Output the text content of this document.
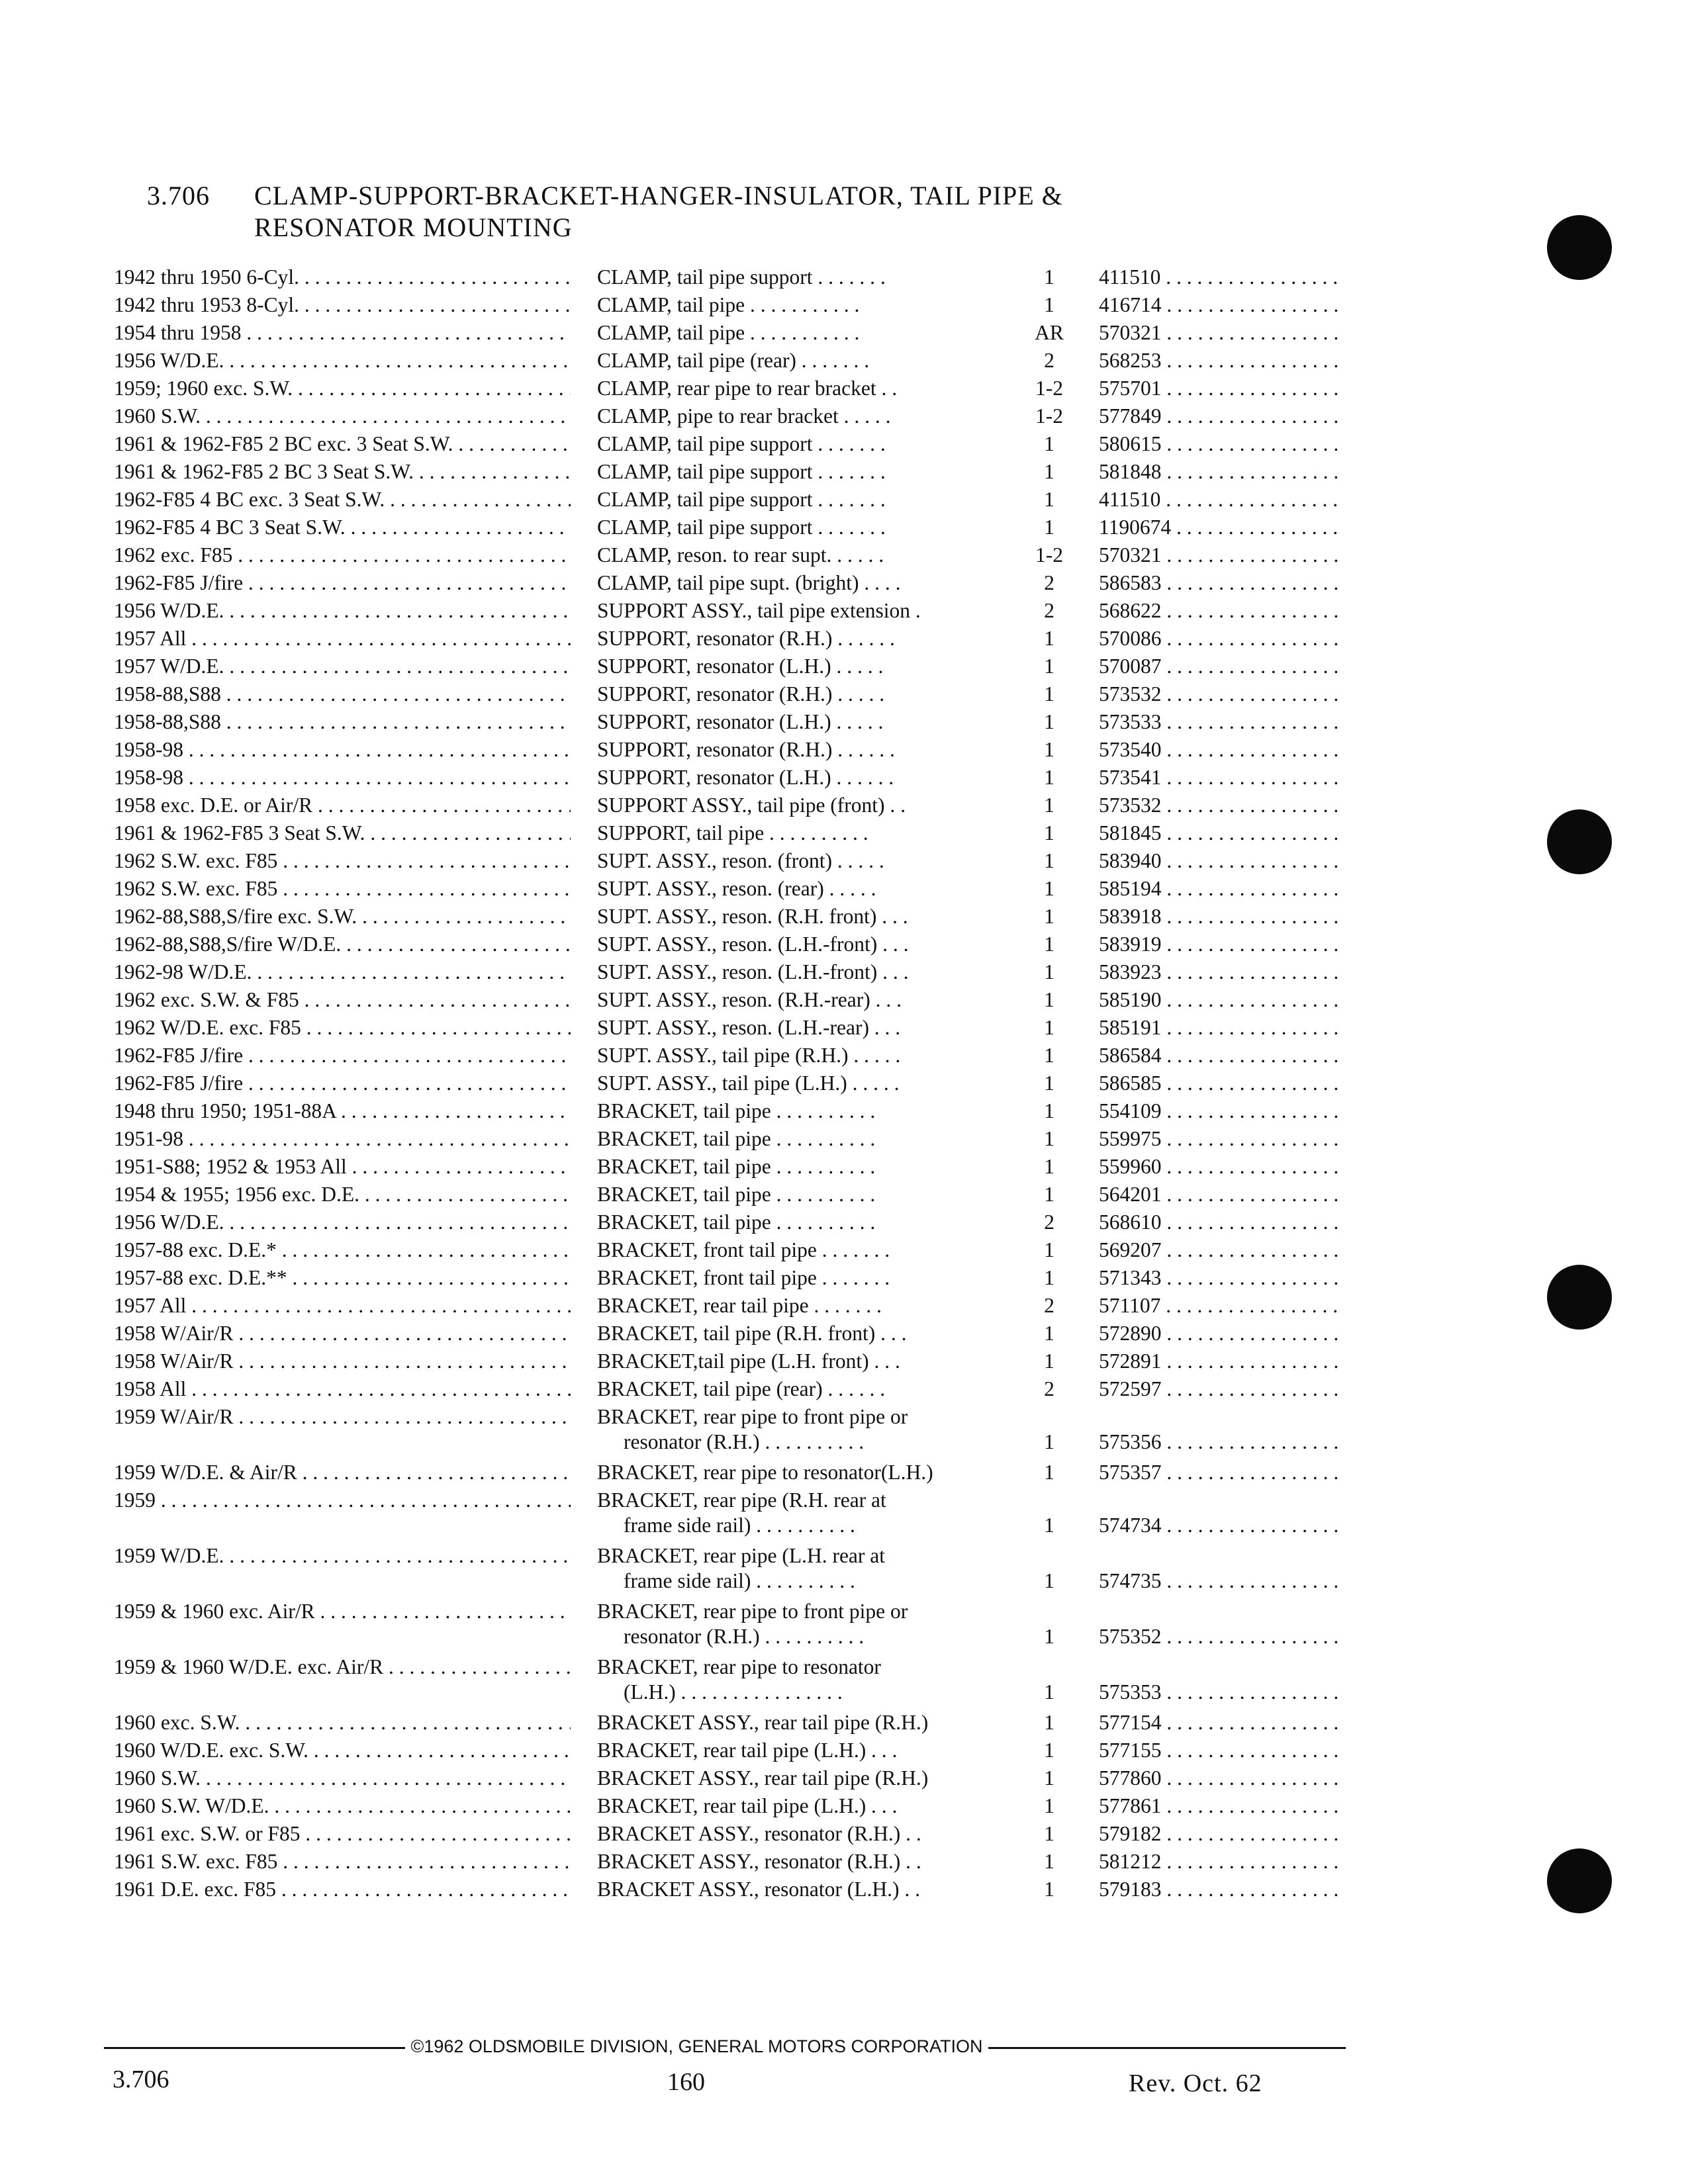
3.706 CLAMP-SUPPORT-BRACKET-HANGER-INSULATOR, TAIL PIPE &
RESONATOR MOUNTING
1942 thru 1950 6-Cyl. . . .	CLAMP, tail pipe support . . . . . . .	1	411510 . . .
1942 thru 1953 8-Cyl. . . .	CLAMP, tail pipe . . . . . . . . . . .	1	416714 . . .
1954 thru 1958 . . .	CLAMP, tail pipe . . . . . . . . . . .	AR	570321 . . .
1956 W/D.E. . . .	CLAMP, tail pipe (rear) . . . . . . .	2	568253 . . .
1959; 1960 exc. S.W. . . .	CLAMP, rear pipe to rear bracket . .	1-2	575701 . . .
1960 S.W. . . .	CLAMP, pipe to rear bracket . . . . .	1-2	577849 . . .
1961 & 1962-F85 2 BC exc. 3 Seat S.W. . . .	CLAMP, tail pipe support . . . . . . .	1	580615 . . .
1961 & 1962-F85 2 BC 3 Seat S.W. . . .	CLAMP, tail pipe support . . . . . . .	1	581848 . . .
1962-F85 4 BC exc. 3 Seat S.W. . . .	CLAMP, tail pipe support . . . . . . .	1	411510 . . .
1962-F85 4 BC 3 Seat S.W. . . .	CLAMP, tail pipe support . . . . . . .	1	1190674 . . .
1962 exc. F85 . . .	CLAMP, reson. to rear supt. . . . . .	1-2	570321 . . .
1962-F85 J/fire . . .	CLAMP, tail pipe supt. (bright) . . . .	2	586583 . . .
1956 W/D.E. . . .	SUPPORT ASSY., tail pipe extension .	2	568622 . . .
1957 All . . .	SUPPORT, resonator (R.H.) . . . . . .	1	570086 . . .
1957 W/D.E. . . .	SUPPORT, resonator (L.H.) . . . . .	1	570087 . . .
1958-88,S88 . . .	SUPPORT, resonator (R.H.) . . . . .	1	573532 . . .
1958-88,S88 . . .	SUPPORT, resonator (L.H.) . . . . .	1	573533 . . .
1958-98 . . .	SUPPORT, resonator (R.H.) . . . . . .	1	573540 . . .
1958-98 . . .	SUPPORT, resonator (L.H.) . . . . . .	1	573541 . . .
1958 exc. D.E. or Air/R . . .	SUPPORT ASSY., tail pipe (front) . .	1	573532 . . .
1961 & 1962-F85 3 Seat S.W. . . .	SUPPORT, tail pipe . . . . . . . . . .	1	581845 . . .
1962 S.W. exc. F85 . . .	SUPT. ASSY., reson. (front) . . . . .	1	583940 . . .
1962 S.W. exc. F85 . . .	SUPT. ASSY., reson. (rear) . . . . .	1	585194 . . .
1962-88,S88,S/fire exc. S.W. . . .	SUPT. ASSY., reson. (R.H. front) . . .	1	583918 . . .
1962-88,S88,S/fire W/D.E. . . .	SUPT. ASSY., reson. (L.H.-front) . . .	1	583919 . . .
1962-98 W/D.E. . . .	SUPT. ASSY., reson. (L.H.-front) . . .	1	583923 . . .
1962 exc. S.W. & F85 . . .	SUPT. ASSY., reson. (R.H.-rear) . . .	1	585190 . . .
1962 W/D.E. exc. F85 . . .	SUPT. ASSY., reson. (L.H.-rear) . . .	1	585191 . . .
1962-F85 J/fire . . .	SUPT. ASSY., tail pipe (R.H.) . . . . .	1	586584 . . .
1962-F85 J/fire . . .	SUPT. ASSY., tail pipe (L.H.) . . . . .	1	586585 . . .
1948 thru 1950; 1951-88A . . .	BRACKET, tail pipe . . . . . . . . . .	1	554109 . . .
1951-98 . . .	BRACKET, tail pipe . . . . . . . . . .	1	559975 . . .
1951-S88; 1952 & 1953 All . . .	BRACKET, tail pipe . . . . . . . . . .	1	559960 . . .
1954 & 1955; 1956 exc. D.E. . . .	BRACKET, tail pipe . . . . . . . . . .	1	564201 . . .
1956 W/D.E. . . .	BRACKET, tail pipe . . . . . . . . . .	2	568610 . . .
1957-88 exc. D.E.* . . .	BRACKET, front tail pipe . . . . . . .	1	569207 . . .
1957-88 exc. D.E.** . . .	BRACKET, front tail pipe . . . . . . .	1	571343 . . .
1957 All . . .	BRACKET, rear tail pipe . . . . . . .	2	571107 . . .
1958 W/Air/R . . .	BRACKET, tail pipe (R.H. front) . . .	1	572890 . . .
1958 W/Air/R . . .	BRACKET,tail pipe (L.H. front) . . .	1	572891 . . .
1958 All . . .	BRACKET, tail pipe (rear) . . . . . .	2	572597 . . .
1959 W/Air/R . . .	BRACKET, rear pipe to front pipe or
resonator (R.H.) . . . . . . . . . .	1	575356 . . .
1959 W/D.E. & Air/R . . .	BRACKET, rear pipe to resonator(L.H.)	1	575357 . . .
1959 . . .	BRACKET, rear pipe (R.H. rear at
frame side rail) . . . . . . . . . .	1	574734 . . .
1959 W/D.E. . . .	BRACKET, rear pipe (L.H. rear at
frame side rail) . . . . . . . . . .	1	574735 . . .
1959 & 1960 exc. Air/R . . .	BRACKET, rear pipe to front pipe or
resonator (R.H.) . . . . . . . . . .	1	575352 . . .
1959 & 1960 W/D.E. exc. Air/R . . .	BRACKET, rear pipe to resonator
(L.H.) . . . . . . . . . . . . . . . .	1	575353 . . .
1960 exc. S.W. . . .	BRACKET ASSY., rear tail pipe (R.H.)	1	577154 . . .
1960 W/D.E. exc. S.W. . . .	BRACKET, rear tail pipe (L.H.) . . .	1	577155 . . .
1960 S.W. . . .	BRACKET ASSY., rear tail pipe (R.H.)	1	577860 . . .
1960 S.W. W/D.E. . . .	BRACKET, rear tail pipe (L.H.) . . .	1	577861 . . .
1961 exc. S.W. or F85 . . .	BRACKET ASSY., resonator (R.H.) . .	1	579182 . . .
1961 S.W. exc. F85 . . .	BRACKET ASSY., resonator (R.H.) . .	1	581212 . . .
1961 D.E. exc. F85 . . .	BRACKET ASSY., resonator (L.H.) . .	1	579183 . . .
©1962 OLDSMOBILE DIVISION, GENERAL MOTORS CORPORATION
3.706	160	Rev. Oct. 62
